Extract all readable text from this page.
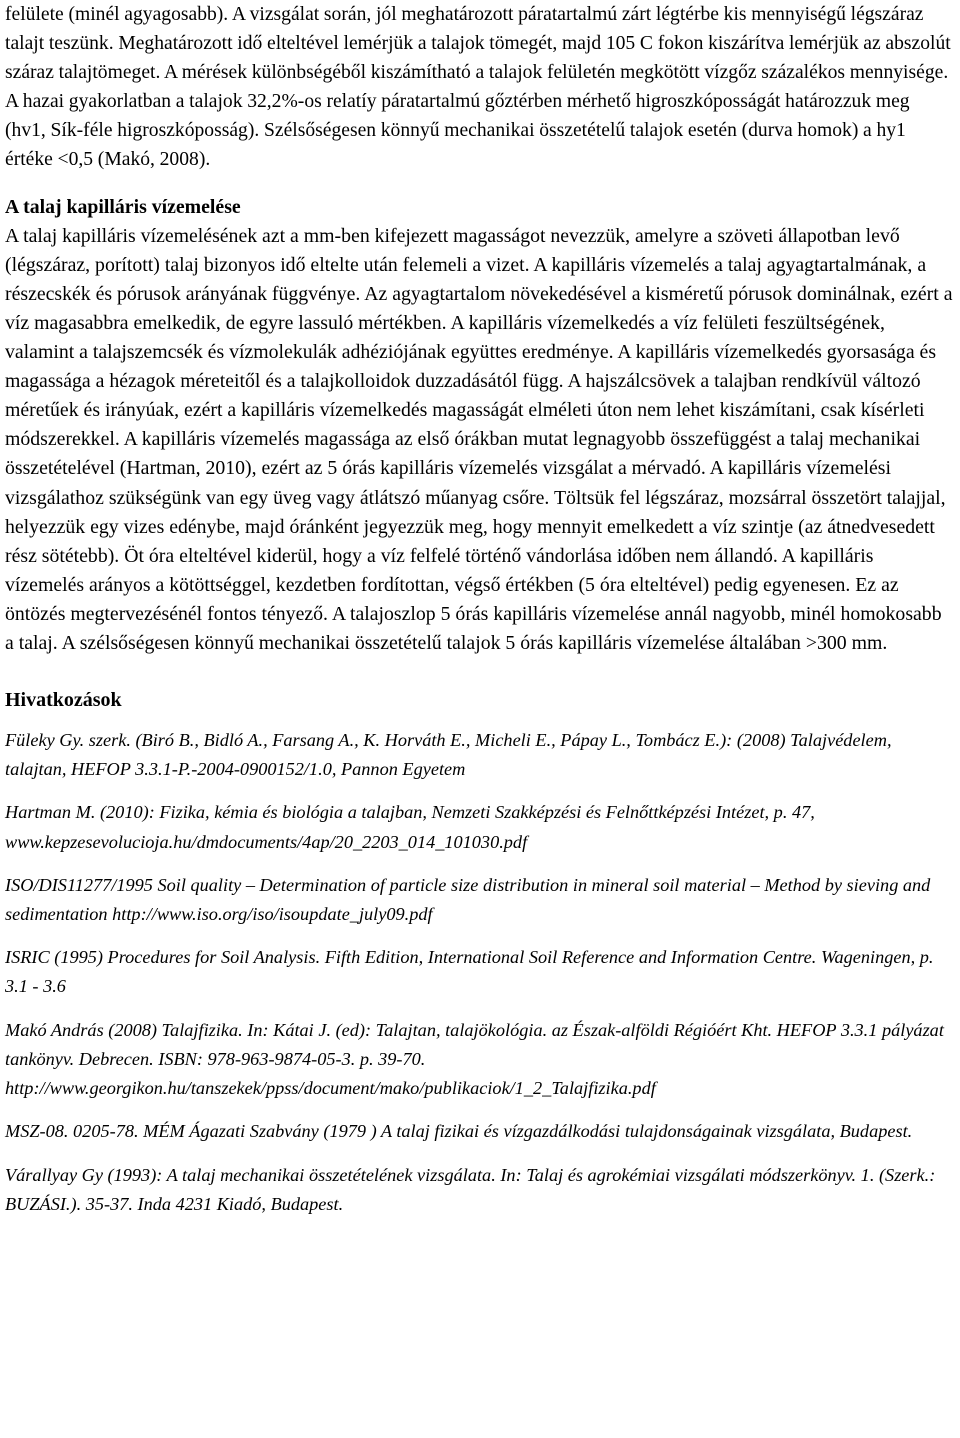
felülete (minél agyagosabb). A vizsgálat során, jól meghatározott páratartalmú zárt légtérbe kis mennyiségű légszáraz talajt teszünk. Meghatározott idő elteltével lemérjük a talajok tömegét, majd 105 C fokon kiszárítva lemérjük az abszolút száraz talajtömeget. A mérések különbségéből kiszámítható a talajok felületén megkötött vízgőz százalékos mennyisége. A hazai gyakorlatban a talajok 32,2%-os relatíy páratartalmú gőztérben mérhető higroszkóposságát határozzuk meg (hv1, Sík-féle higroszkóposság). Szélsőségesen könnyű mechanikai összetételű talajok esetén (durva homok) a hy1 értéke <0,5 (Makó, 2008).

A talaj kapilláris vízemelése

A talaj kapilláris vízemelésének azt a mm-ben kifejezett magasságot nevezzük, amelyre a szöveti állapotban levő (légszáraz, porított) talaj bizonyos idő eltelte után felemeli a vizet. A kapilláris vízemelés a talaj agyagtartalmának, a részecskék és pórusok arányának függvénye. Az agyagtartalom növekedésével a kisméretű pórusok dominálnak, ezért a víz magasabbra emelkedik, de egyre lassuló mértékben. A kapilláris vízemelkedés a víz felületi feszültségének, valamint a talajszemcsék és vízmolekulák adhéziójának együttes eredménye. A kapilláris vízemelkedés gyorsasága és magassága a hézagok méreteitől és a talajkolloidok duzzadásától függ. A hajszálcsövek a talajban rendkívül változó méretűek és irányúak, ezért a kapilláris vízemelkedés magasságát elméleti úton nem lehet kiszámítani, csak kísérleti módszerekkel. A kapilláris vízemelés magassága az első órákban mutat legnagyobb összefüggést a talaj mechanikai összetételével (Hartman, 2010), ezért az 5 órás kapilláris vízemelés vizsgálat a mérvadó. A kapilláris vízemelési vizsgálathoz szükségünk van egy üveg vagy átlátszó műanyag csőre. Töltsük fel légszáraz, mozsárral összetört talajjal, helyezzük egy vizes edénybe, majd óránként jegyezzük meg, hogy mennyit emelkedett a víz szintje (az átnedvesedett rész sötétebb). Öt óra elteltével kiderül, hogy a víz felfelé történő vándorlása időben nem állandó. A kapilláris vízemelés arányos a kötöttséggel, kezdetben fordítottan, végső értékben (5 óra elteltével) pedig egyenesen. Ez az öntözés megtervezésénél fontos tényező. A talajoszlop 5 órás kapilláris vízemelése annál nagyobb, minél homokosabb a talaj. A szélsőségesen könnyű mechanikai összetételű talajok 5 órás kapilláris vízemelése általában >300 mm.

Hivatkozások

Füleky Gy. szerk. (Biró B., Bidló A., Farsang A., K. Horváth E., Micheli E., Pápay L., Tombácz E.): (2008) Talajvédelem, talajtan, HEFOP 3.3.1-P.-2004-0900152/1.0, Pannon Egyetem

Hartman M. (2010): Fizika, kémia és biológia a talajban, Nemzeti Szakképzési és Felnőttképzési Intézet, p. 47, www.kepzesevolucioja.hu/dmdocuments/4ap/20_2203_014_101030.pdf

ISO/DIS11277/1995 Soil quality – Determination of particle size distribution in mineral soil material – Method by sieving and sedimentation http://www.iso.org/iso/isoupdate_july09.pdf

ISRIC (1995) Procedures for Soil Analysis. Fifth Edition, International Soil Reference and Information Centre. Wageningen, p. 3.1 - 3.6

Makó András (2008) Talajfizika. In: Kátai J. (ed): Talajtan, talajökológia. az Észak-alföldi Régióért Kht. HEFOP 3.3.1 pályázat tankönyv. Debrecen. ISBN: 978-963-9874-05-3. p. 39-70. http://www.georgikon.hu/tanszekek/ppss/document/mako/publikaciok/1_2_Talajfizika.pdf

MSZ-08. 0205-78. MÉM Ágazati Szabvány (1979 ) A talaj fizikai és vízgazdálkodási tulajdonságainak vizsgálata, Budapest.

Várallyay Gy (1993): A talaj mechanikai összetételének vizsgálata. In: Talaj és agrokémiai vizsgálati módszerkönyv. 1. (Szerk.: BUZÁSI.). 35-37. Inda 4231 Kiadó, Budapest.
